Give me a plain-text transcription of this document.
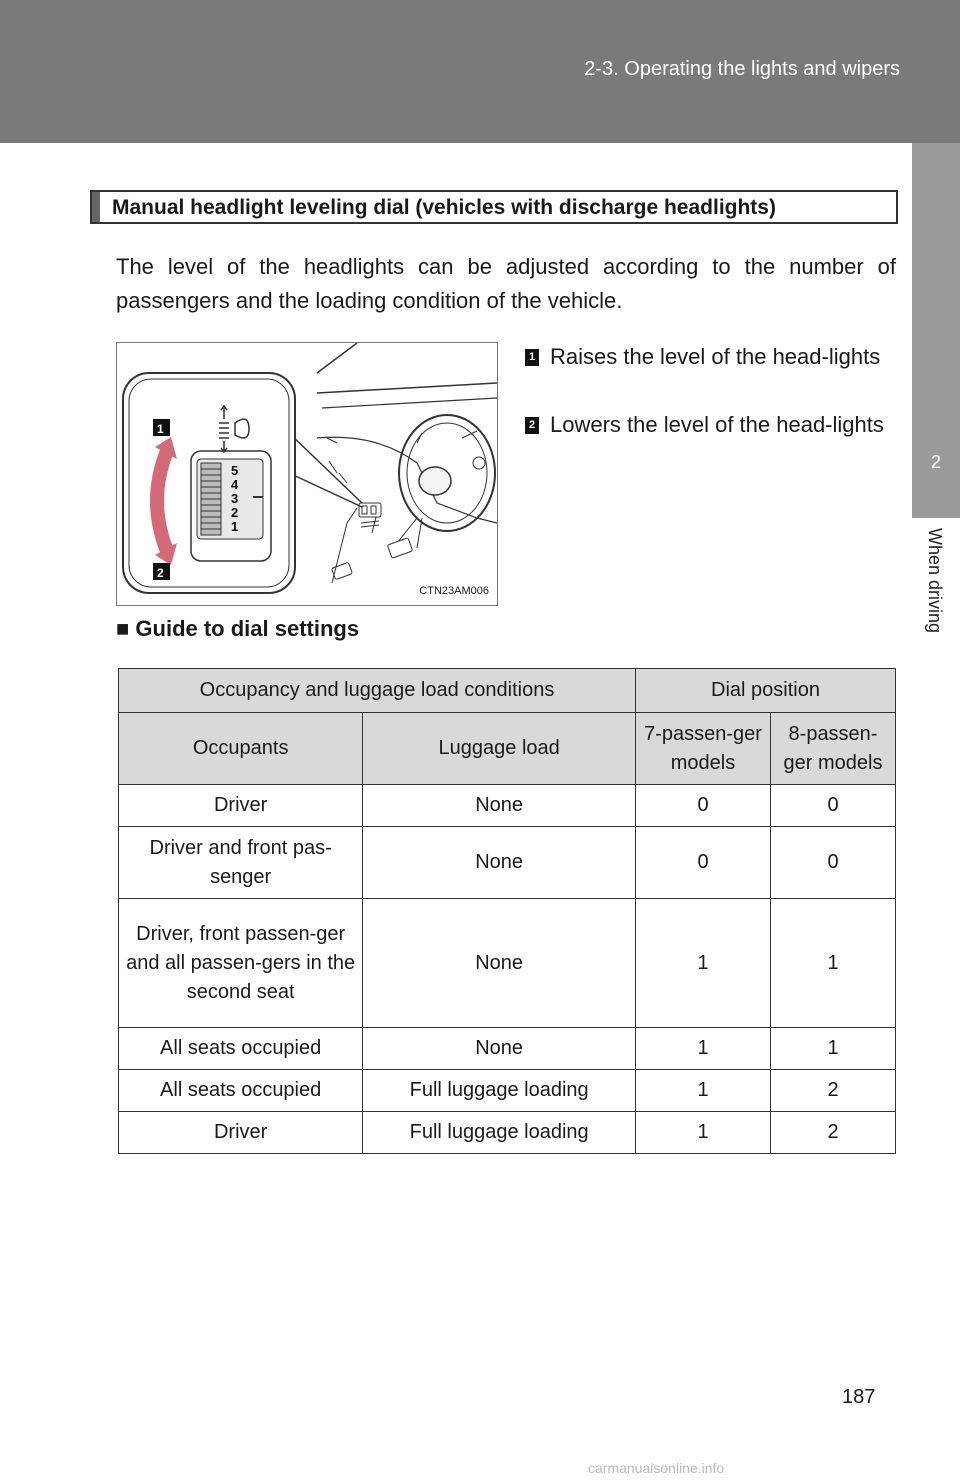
2-3. Operating the lights and wipers
2
When driving
Manual headlight leveling dial (vehicles with discharge headlights)
The level of the headlights can be adjusted according to the number of passengers and the loading condition of the vehicle.
5
4
3
2
1
1
2
CTN23AM006
1 Raises the level of the head-lights
2 Lowers the level of the head-lights
■ Guide to dial settings
Occupancy and luggage load conditions		Dial position	
Occupants	Luggage load	7-passen-ger models	8-passen-ger models
Driver	None	0	0
Driver and front pas-senger	None	0	0
Driver, front passen-ger and all passen-gers in the second seat	None	1	1
All seats occupied	None	1	1
All seats occupied	Full luggage loading	1	2
Driver	Full luggage loading	1	2
187
carmanualsonline.info
